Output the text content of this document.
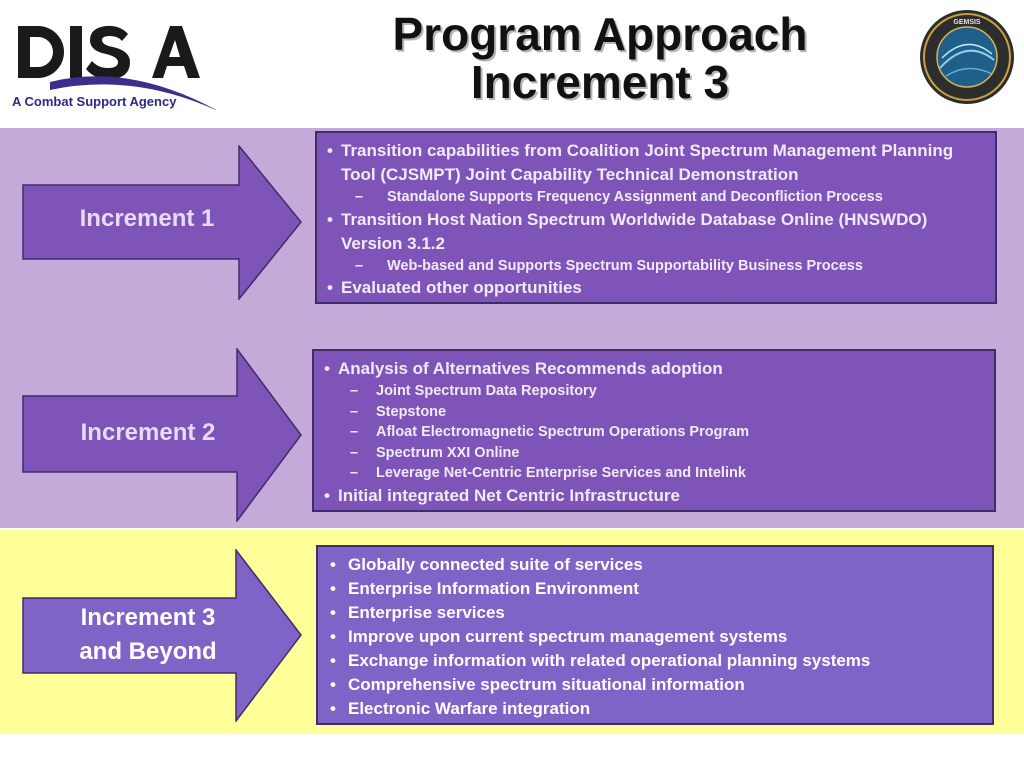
A Combat Support Agency
Program Approach
Increment 3
GEMSIS
Increment 1
Increment 2
Increment 3
and Beyond
• Transition capabilities from Coalition Joint Spectrum Management Planning Tool (CJSMPT) Joint Capability Technical Demonstration
– Standalone Supports Frequency Assignment and Deconfliction Process
• Transition Host Nation Spectrum Worldwide Database Online (HNSWDO) Version 3.1.2
– Web-based and Supports Spectrum Supportability Business Process
• Evaluated other opportunities
• Analysis of Alternatives Recommends adoption
– Joint Spectrum Data Repository
– Stepstone
– Afloat Electromagnetic Spectrum Operations Program
– Spectrum XXI Online
– Leverage Net-Centric Enterprise Services and Intelink
• Initial integrated Net Centric Infrastructure
• Globally connected suite of services
• Enterprise Information Environment
• Enterprise services
• Improve upon current spectrum management systems
• Exchange information with related operational planning systems
• Comprehensive spectrum situational information
• Electronic Warfare integration
